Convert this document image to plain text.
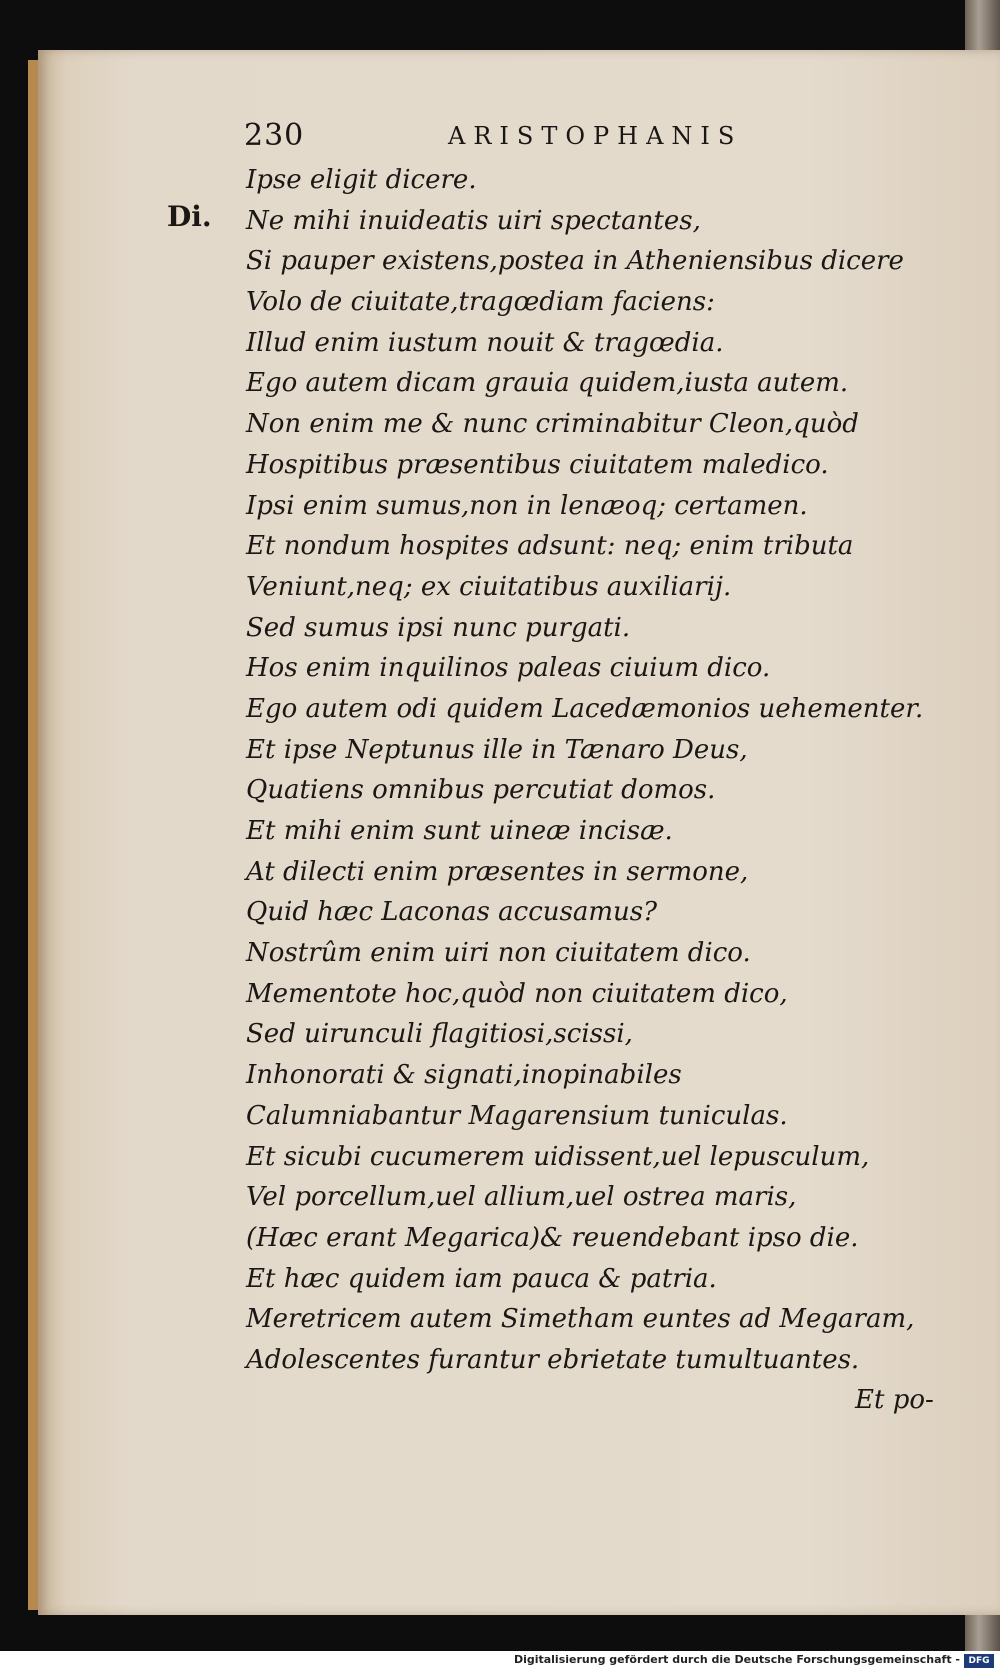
230	ARISTOPHANIS
Di.
Ipse eligit dicere.
Ne mihi inuideatis uiri spectantes,
Si pauper existens,postea in Atheniensibus dicere
Volo de ciuitate,tragœdiam faciens:
Illud enim iustum nouit & tragœdia.
Ego autem dicam grauia quidem,iusta autem.
Non enim me & nunc criminabitur Cleon,quòd
Hospitibus præsentibus ciuitatem maledico.
Ipsi enim sumus,non in lenæoq; certamen.
Et nondum hospites adsunt: neq; enim tributa
Veniunt,neq; ex ciuitatibus auxiliarij.
Sed sumus ipsi nunc purgati.
Hos enim inquilinos paleas ciuium dico.
Ego autem odi quidem Lacedæmonios uehementer.
Et ipse Neptunus ille in Tænaro Deus,
Quatiens omnibus percutiat domos.
Et mihi enim sunt uineæ incisæ.
At dilecti enim præsentes in sermone,
Quid hæc Laconas accusamus?
Nostrûm enim uiri non ciuitatem dico.
Mementote hoc,quòd non ciuitatem dico,
Sed uirunculi flagitiosi,scissi,
Inhonorati & signati,inopinabiles
Calumniabantur Magarensium tuniculas.
Et sicubi cucumerem uidissent,uel lepusculum,
Vel porcellum,uel allium,uel ostrea maris,
(Hæc erant Megarica)& reuendebant ipso die.
Et hæc quidem iam pauca & patria.
Meretricem autem Simetham euntes ad Megaram,
Adolescentes furantur ebrietate tumultuantes.
Et po-
Digitalisierung gefördert durch die Deutsche Forschungsgemeinschaft - DFG
